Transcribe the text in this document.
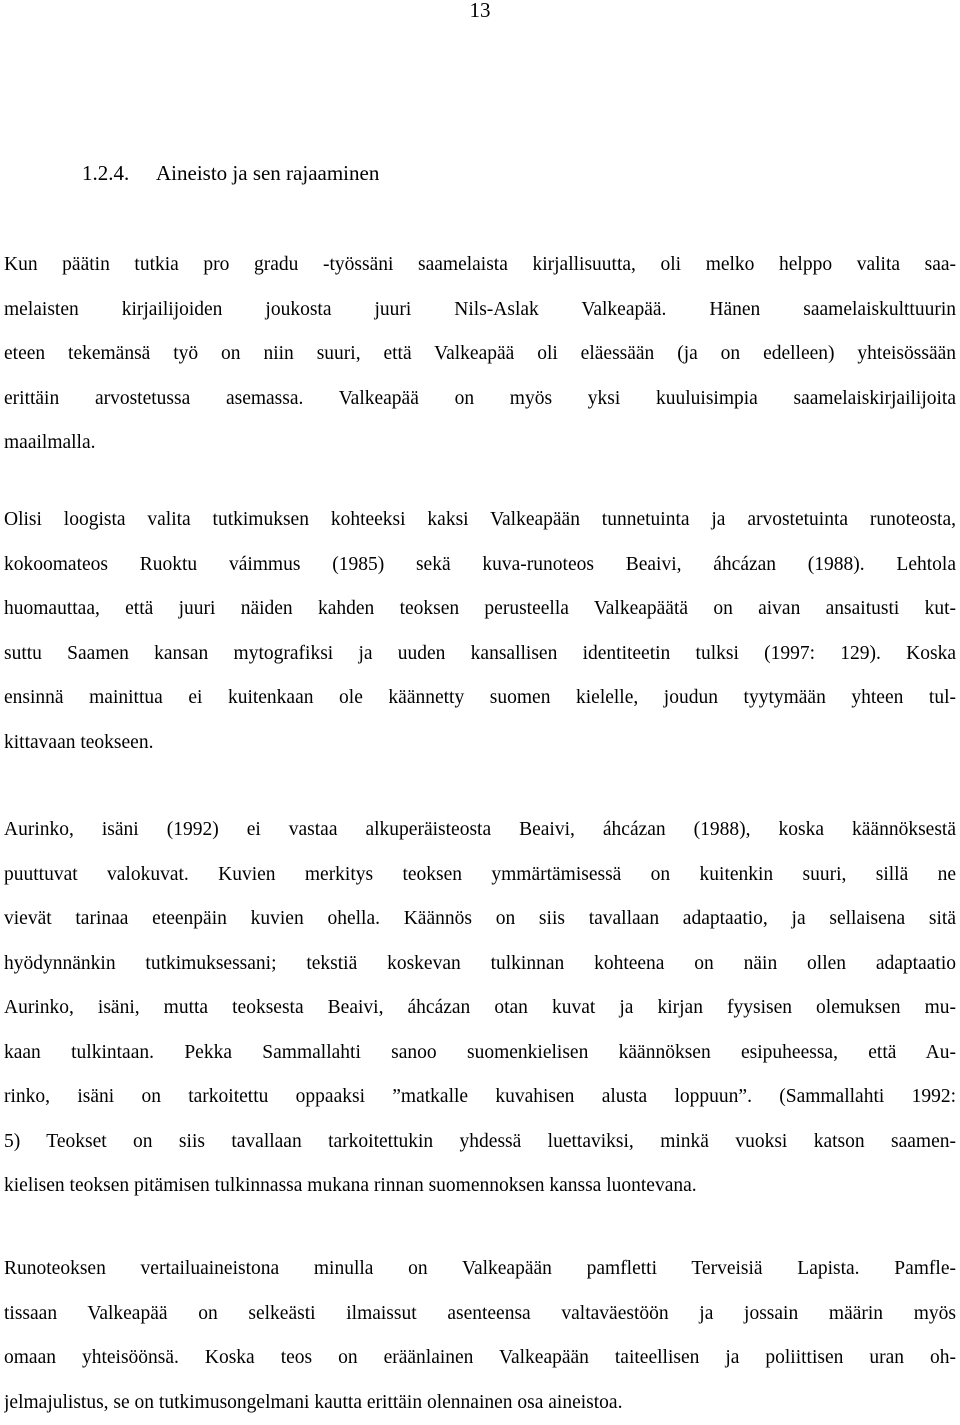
13
1.2.4. Aineisto ja sen rajaaminen
Kun päätin tutkia pro gradu -työssäni saamelaista kirjallisuutta, oli melko helppo valita saa-
melaisten kirjailijoiden joukosta juuri Nils-Aslak Valkeapää. Hänen saamelaiskulttuurin
eteen tekemänsä työ on niin suuri, että Valkeapää oli eläessään (ja on edelleen) yhteisössään
erittäin arvostetussa asemassa. Valkeapää on myös yksi kuuluisimpia saamelaiskirjailijoita
maailmalla.
Olisi loogista valita tutkimuksen kohteeksi kaksi Valkeapään tunnetuinta ja arvostetuinta runoteosta,
kokoomateos Ruoktu váimmus (1985) sekä kuva-runoteos Beaivi, áhcázan (1988). Lehtola
huomauttaa, että juuri näiden kahden teoksen perusteella Valkeapäätä on aivan ansaitusti kut-
suttu Saamen kansan mytografiksi ja uuden kansallisen identiteetin tulksi (1997: 129). Koska
ensinnä mainittua ei kuitenkaan ole käännetty suomen kielelle, joudun tyytymään yhteen tul-
kittavaan teokseen.
Aurinko, isäni (1992) ei vastaa alkuperäisteosta Beaivi, áhcázan (1988), koska käännöksestä
puuttuvat valokuvat. Kuvien merkitys teoksen ymmärtämisessä on kuitenkin suuri, sillä ne
vievät tarinaa eteenpäin kuvien ohella. Käännös on siis tavallaan adaptaatio, ja sellaisena sitä
hyödynnänkin tutkimuksessani; tekstiä koskevan tulkinnan kohteena on näin ollen adaptaatio
Aurinko, isäni, mutta teoksesta Beaivi, áhcázan otan kuvat ja kirjan fyysisen olemuksen mu-
kaan tulkintaan. Pekka Sammallahti sanoo suomenkielisen käännöksen esipuheessa, että Au-
rinko, isäni on tarkoitettu oppaaksi ”matkalle kuvahisen alusta loppuun”. (Sammallahti 1992:
5) Teokset on siis tavallaan tarkoitettukin yhdessä luettaviksi, minkä vuoksi katson saamen-
kielisen teoksen pitämisen tulkinnassa mukana rinnan suomennoksen kanssa luontevana.
Runoteoksen vertailuaineistona minulla on Valkeapään pamfletti Terveisiä Lapista. Pamfle-
tissaan Valkeapää on selkeästi ilmaissut asenteensa valtaväestöön ja jossain määrin myös
omaan yhteisöönsä. Koska teos on eräänlainen Valkeapään taiteellisen ja poliittisen uran oh-
jelmajulistus, se on tutkimusongelmani kautta erittäin olennainen osa aineistoa.
